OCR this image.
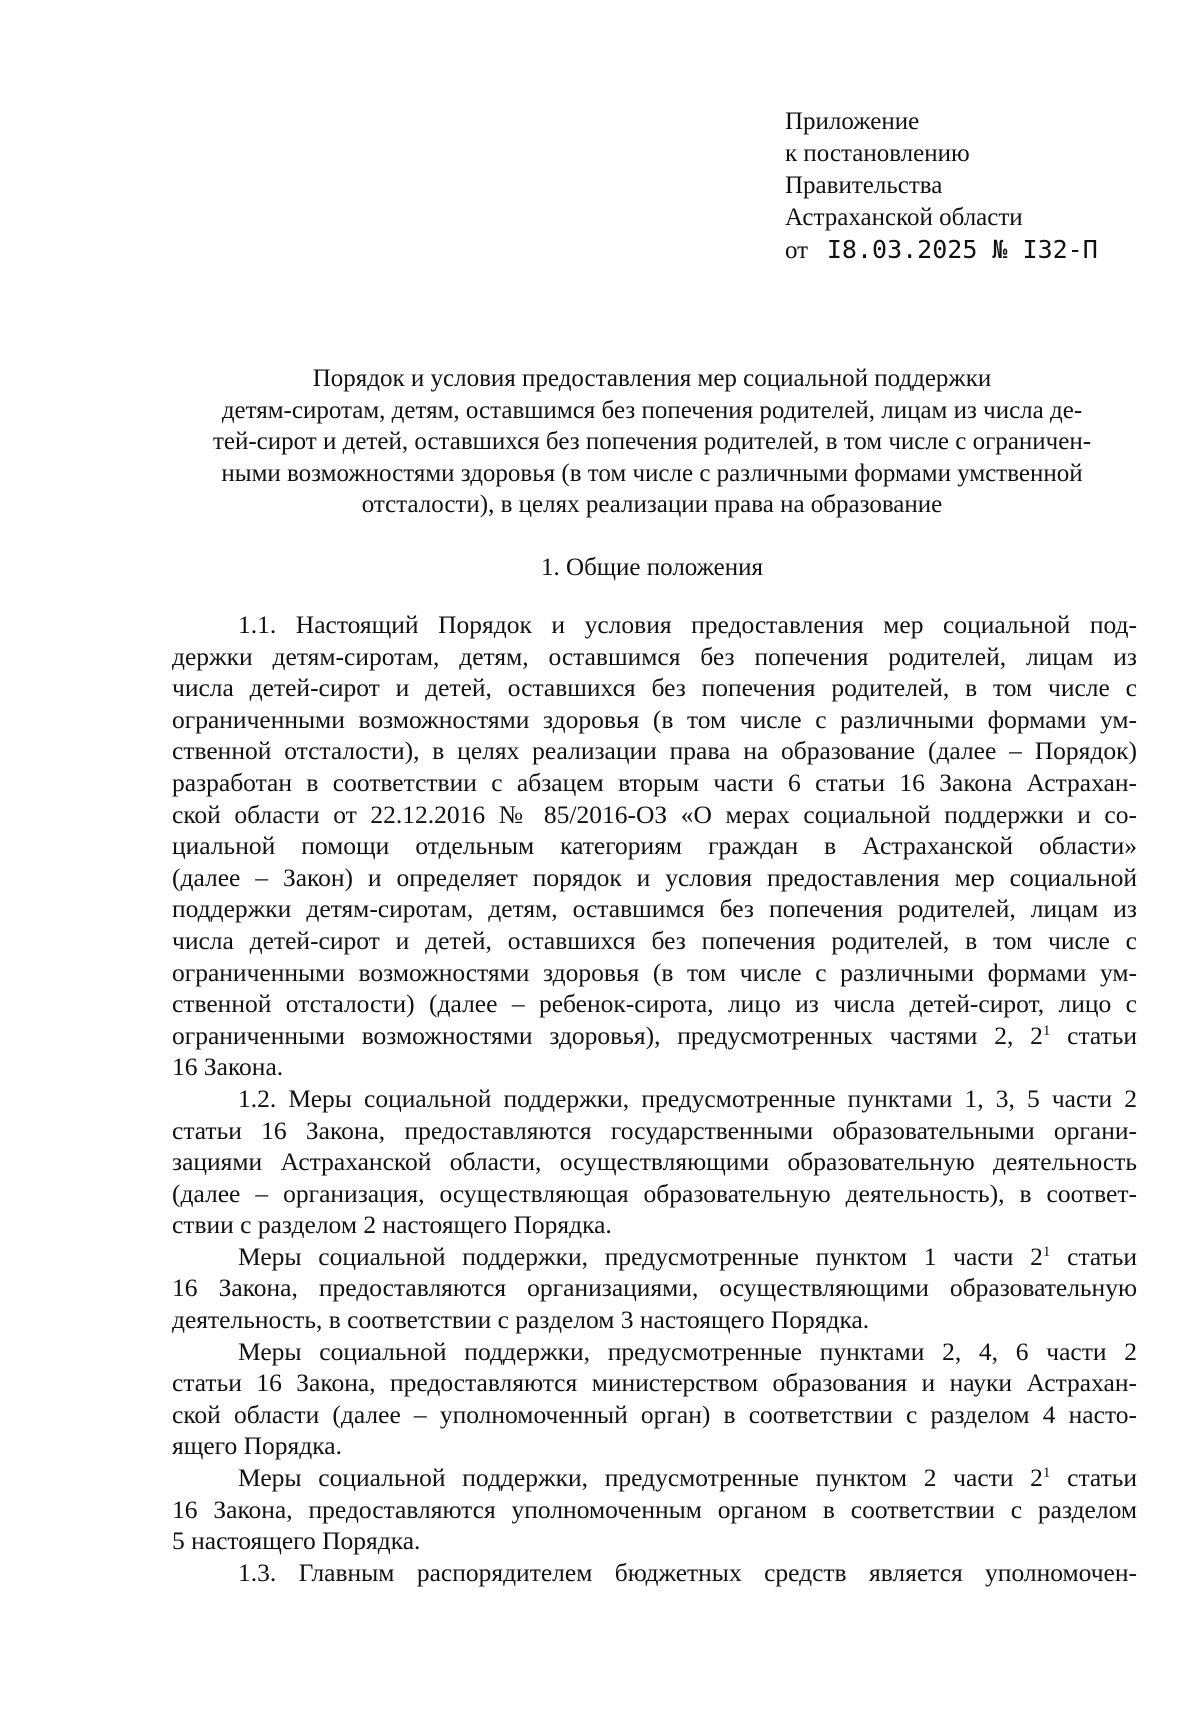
Приложение
к постановлению
Правительства
Астраханской области
от I8.03.2025 № I32-П
Порядок и условия предоставления мер социальной поддержки
детям-сиротам, детям, оставшимся без попечения родителей, лицам из числа де-
тей-сирот и детей, оставшихся без попечения родителей, в том числе с ограничен-
ными возможностями здоровья (в том числе с различными формами умственной
отсталости), в целях реализации права на образование
1. Общие положения
1.1. Настоящий Порядок и условия предоставления мер социальной под-
держки детям-сиротам, детям, оставшимся без попечения родителей, лицам из
числа детей-сирот и детей, оставшихся без попечения родителей, в том числе с
ограниченными возможностями здоровья (в том числе с различными формами ум-
ственной отсталости), в целях реализации права на образование (далее – Порядок)
разработан в соответствии с абзацем вторым части 6 статьи 16 Закона Астрахан-
ской области от 22.12.2016 № 85/2016-ОЗ «О мерах социальной поддержки и со-
циальной помощи отдельным категориям граждан в Астраханской области»
(далее – Закон) и определяет порядок и условия предоставления мер социальной
поддержки детям-сиротам, детям, оставшимся без попечения родителей, лицам из
числа детей-сирот и детей, оставшихся без попечения родителей, в том числе с
ограниченными возможностями здоровья (в том числе с различными формами ум-
ственной отсталости) (далее – ребенок-сирота, лицо из числа детей-сирот, лицо с
ограниченными возможностями здоровья), предусмотренных частями 2, $2^1$ статьи
16 Закона.
1.2. Меры социальной поддержки, предусмотренные пунктами 1, 3, 5 части 2
статьи 16 Закона, предоставляются государственными образовательными органи-
зациями Астраханской области, осуществляющими образовательную деятельность
(далее – организация, осуществляющая образовательную деятельность), в соответ-
ствии с разделом 2 настоящего Порядка.
Меры социальной поддержки, предусмотренные пунктом 1 части $2^1$ статьи
16 Закона, предоставляются организациями, осуществляющими образовательную
деятельность, в соответствии с разделом 3 настоящего Порядка.
Меры социальной поддержки, предусмотренные пунктами 2, 4, 6 части 2
статьи 16 Закона, предоставляются министерством образования и науки Астрахан-
ской области (далее – уполномоченный орган) в соответствии с разделом 4 насто-
ящего Порядка.
Меры социальной поддержки, предусмотренные пунктом 2 части $2^1$ статьи
16 Закона, предоставляются уполномоченным органом в соответствии с разделом
5 настоящего Порядка.
1.3. Главным распорядителем бюджетных средств является уполномочен-
